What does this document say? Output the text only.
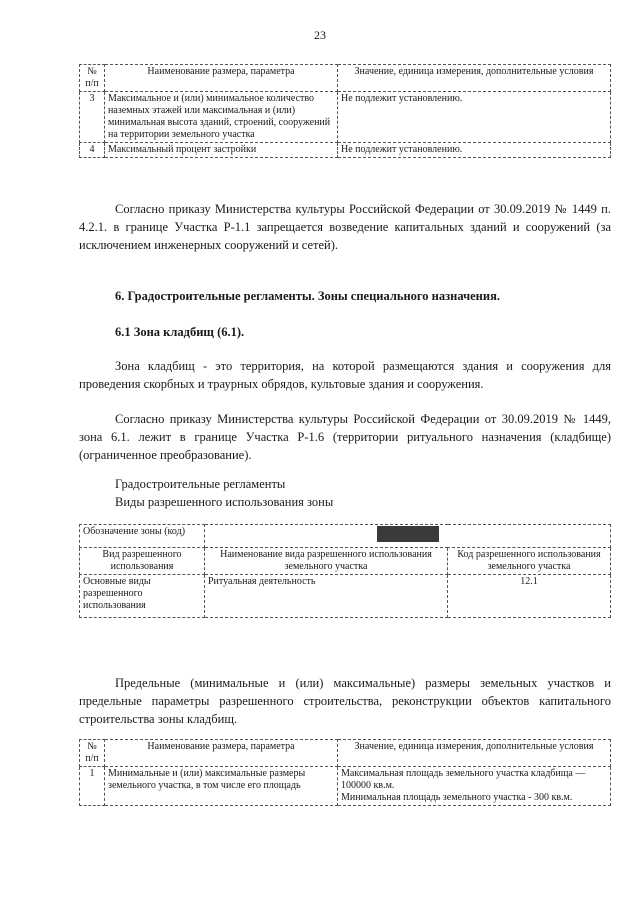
23
№ п/п	Наименование размера, параметра	Значение, единица измерения, дополнительные условия
3	Максимальное и (или) минимальное количество наземных этажей или максимальная и (или) минимальная высота зданий, строений, сооружений на территории земельного участка	Не подлежит установлению.
4	Максимальный процент застройки	Не подлежит установлению.

Согласно приказу Министерства культуры Российской Федерации от 30.09.2019 № 1449 п. 4.2.1. в границе Участка Р-1.1 запрещается возведение капитальных зданий и сооружений (за исключением инженерных сооружений и сетей).

6. Градостроительные регламенты. Зоны специального назначения.

6.1 Зона кладбищ (6.1).

Зона кладбищ - это территория, на которой размещаются здания и сооружения для проведения скорбных и траурных обрядов, культовые здания и сооружения.

Согласно приказу Министерства культуры Российской Федерации от 30.09.2019 № 1449, зона 6.1. лежит в границе Участка Р-1.6 (территории ритуального назначения (кладбище) (ограниченное преобразование).

Градостроительные регламенты

Виды разрешенного использования зоны

Обозначение зоны (код)		
Вид разрешенного использования	Наименование вида разрешенного использования земельного участка	Код разрешенного использования земельного участка
Основные виды разрешенного использования	Ритуальная деятельность	12.1

Предельные (минимальные и (или) максимальные) размеры земельных участков и предельные параметры разрешенного строительства, реконструкции объектов капитального строительства зоны кладбищ.

№ п/п	Наименование размера, параметра	Значение, единица измерения, дополнительные условия
1	Минимальные и (или) максимальные размеры земельного участка, в том числе его площадь	Максимальная площадь земельного участка кладбища — 100000 кв.м.
Минимальная площадь земельного участка - 300 кв.м.
